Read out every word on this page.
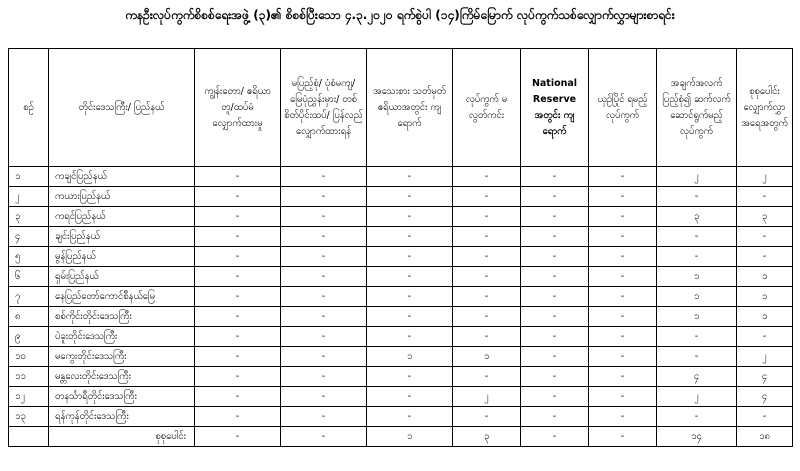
ကနဦးလုပ်ကွက်စိစစ်ရေးအဖွဲ့ (၃)၏ စိစစ်ပြီးသော ၄.၃.၂၀၂၀ ရက်စွဲပါ (၁၄)ကြိမ်မြောက် လုပ်ကွက်သစ်လျှောက်လွှာများစာရင်း
စဉ်	တိုင်းဒေသကြီး/ ပြည်နယ်	ကျွန်းတော/ ဧရိယာတူ/ထပ်မံ လျှောက်ထားမှု	မပြည့်စုံ/ ပုံစံမကျ/ မြေပုံညွှန်းမှား/ တစ်စိတ်ပိုင်းထပ်/ ပြန်လည် လျှောက်ထားရန်	အသေးစား သတ်မှတ် ဧရိယာအတွင်း ကျရောက်	လုပ်ကွက် မလွတ်ကင်း	National Reserve အတွင်း ကျရောက်	ယှဉ်ပြိုင် ရမည့် လုပ်ကွက်	အချက်အလက် ပြည့်စုံ၍ ဆက်လက် ဆောင်ရွက်မည့် လုပ်ကွက်	စုစုပေါင်း လျှောက်လွှာ အရေအတွက်
၁	ကချင်ပြည်နယ်	-	-	-	-	-	-	၂	၂
၂	ကယားပြည်နယ်	-	-	-	-	-	-	-	-
၃	ကရင်ပြည်နယ်	-	-	-	-	-	-	၃	၃
၄	ချင်းပြည်နယ်	-	-	-	-	-	-	-	-
၅	မွန်ပြည်နယ်	-	-	-	-	-	-	-	-
၆	ရှမ်းပြည်နယ်	-	-	-	-	-	-	၁	၁
၇	နေပြည်တော်ကောင်စီနယ်မြေ	-	-	-	-	-	-	၁	၁
၈	စစ်ကိုင်းတိုင်းဒေသကြီး	-	-	-	-	-	-	၁	၁
၉	ပဲခူးတိုင်းဒေသကြီး	-	-	-	-	-	-	-	-
၁၀	မကွေးတိုင်းဒေသကြီး	-	-	၁	၁	-	-	-	၂
၁၁	မန္တလေးတိုင်းဒေသကြီး	-	-	-	-	-	-	၄	၄
၁၂	တနင်္သာရီတိုင်းဒေသကြီး	-	-	-	၂	-	-	၂	၄
၁၃	ရန်ကုန်တိုင်းဒေသကြီး	-	-	-	-	-	-	-	-
	စုစုပေါင်း	-	-	၁	၃	-	-	၁၄	၁၈
